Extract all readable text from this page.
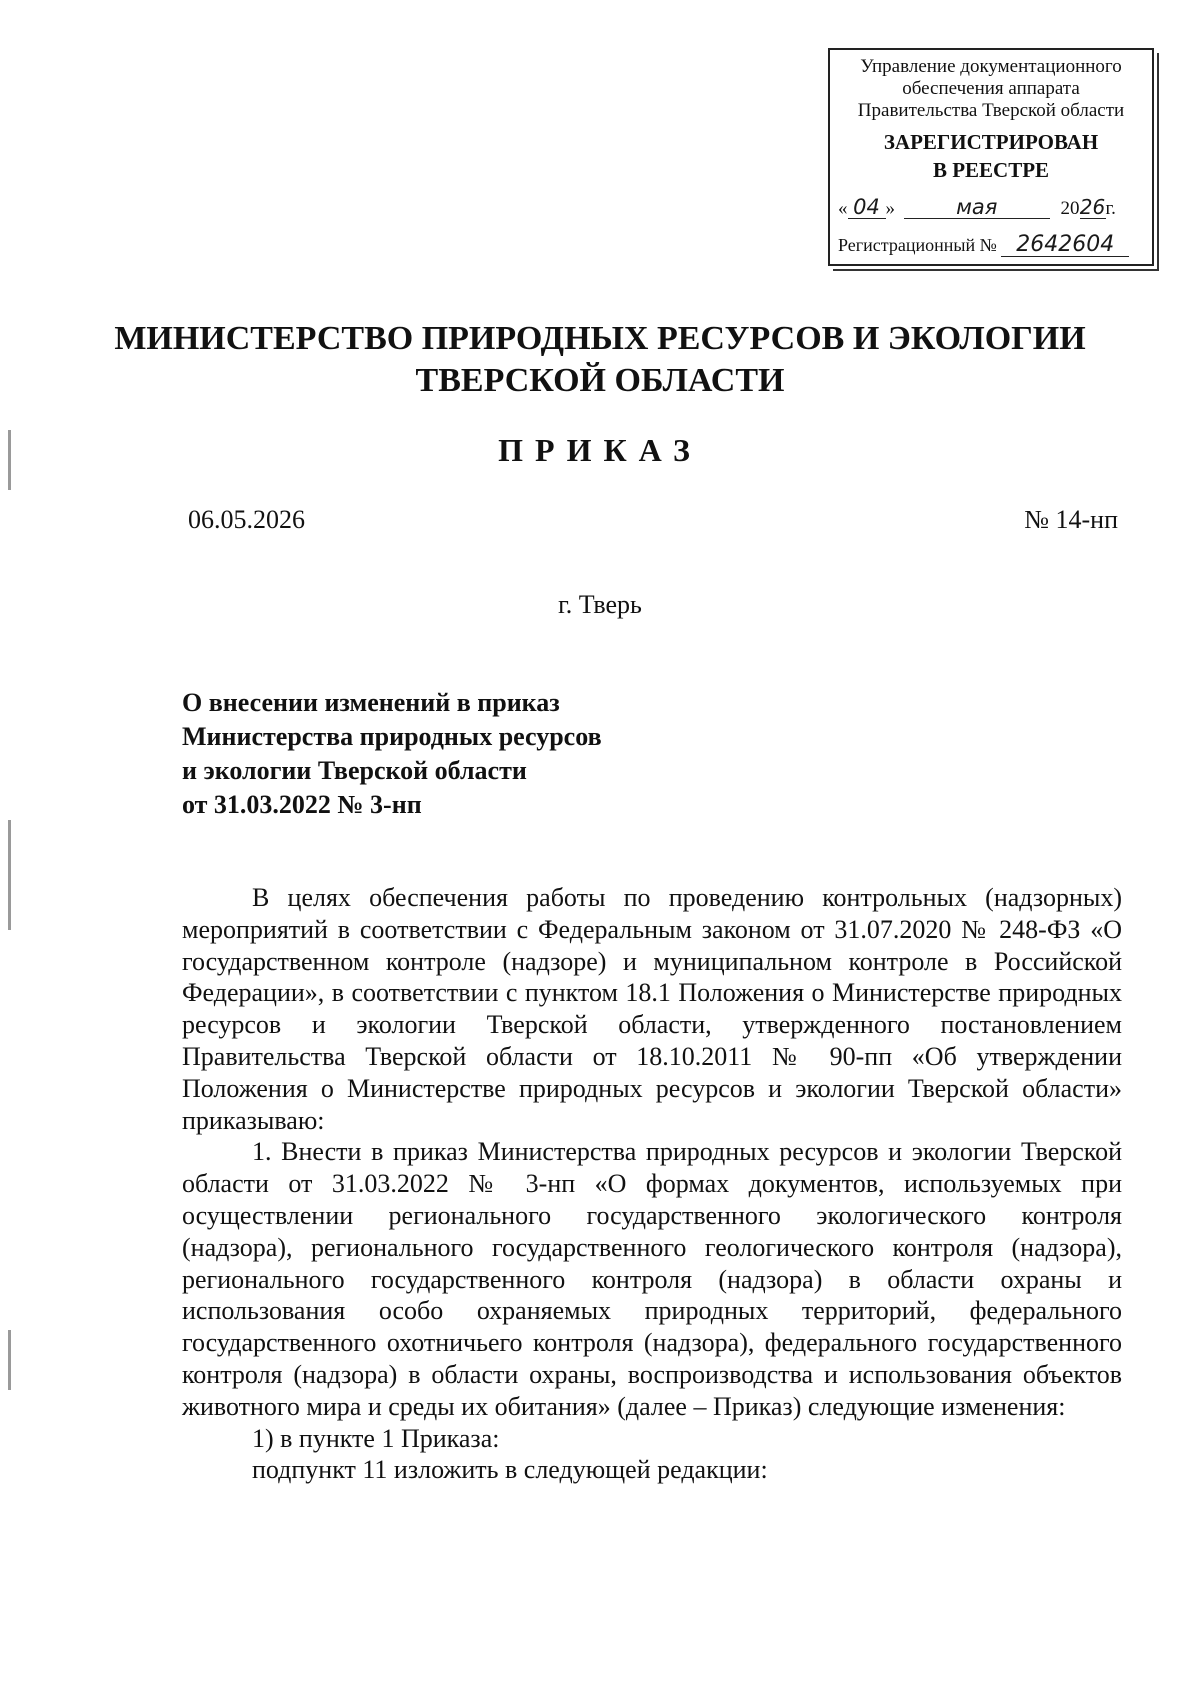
Управление документационного
обеспечения аппарата
Правительства Тверской области
ЗАРЕГИСТРИРОВАН
В РЕЕСТРЕ
« 04 »	мая	2026г.
Регистрационный № 2642604
МИНИСТЕРСТВО ПРИРОДНЫХ РЕСУРСОВ И ЭКОЛОГИИ
ТВЕРСКОЙ ОБЛАСТИ
ПРИКАЗ
06.05.2026	№ 14-нп
г. Тверь
О внесении изменений в приказ
Министерства природных ресурсов
и экологии Тверской области
от 31.03.2022 № 3-нп

В целях обеспечения работы по проведению контрольных (надзорных) мероприятий в соответствии с Федеральным законом от 31.07.2020 № 248-ФЗ «О государственном контроле (надзоре) и муниципальном контроле в Российской Федерации», в соответствии с пунктом 18.1 Положения о Министерстве природных ресурсов и экологии Тверской области, утвержденного постановлением Правительства Тверской области от 18.10.2011 № 90-пп «Об утверждении Положения о Министерстве природных ресурсов и экологии Тверской области» приказываю:

1. Внести в приказ Министерства природных ресурсов и экологии Тверской области от 31.03.2022 № 3-нп «О формах документов, используемых при осуществлении регионального государственного экологического контроля (надзора), регионального государственного геологического контроля (надзора), регионального государственного контроля (надзора) в области охраны и использования особо охраняемых природных территорий, федерального государственного охотничьего контроля (надзора), федерального государственного контроля (надзора) в области охраны, воспроизводства и использования объектов животного мира и среды их обитания» (далее – Приказ) следующие изменения:

1) в пункте 1 Приказа:

подпункт 11 изложить в следующей редакции:
